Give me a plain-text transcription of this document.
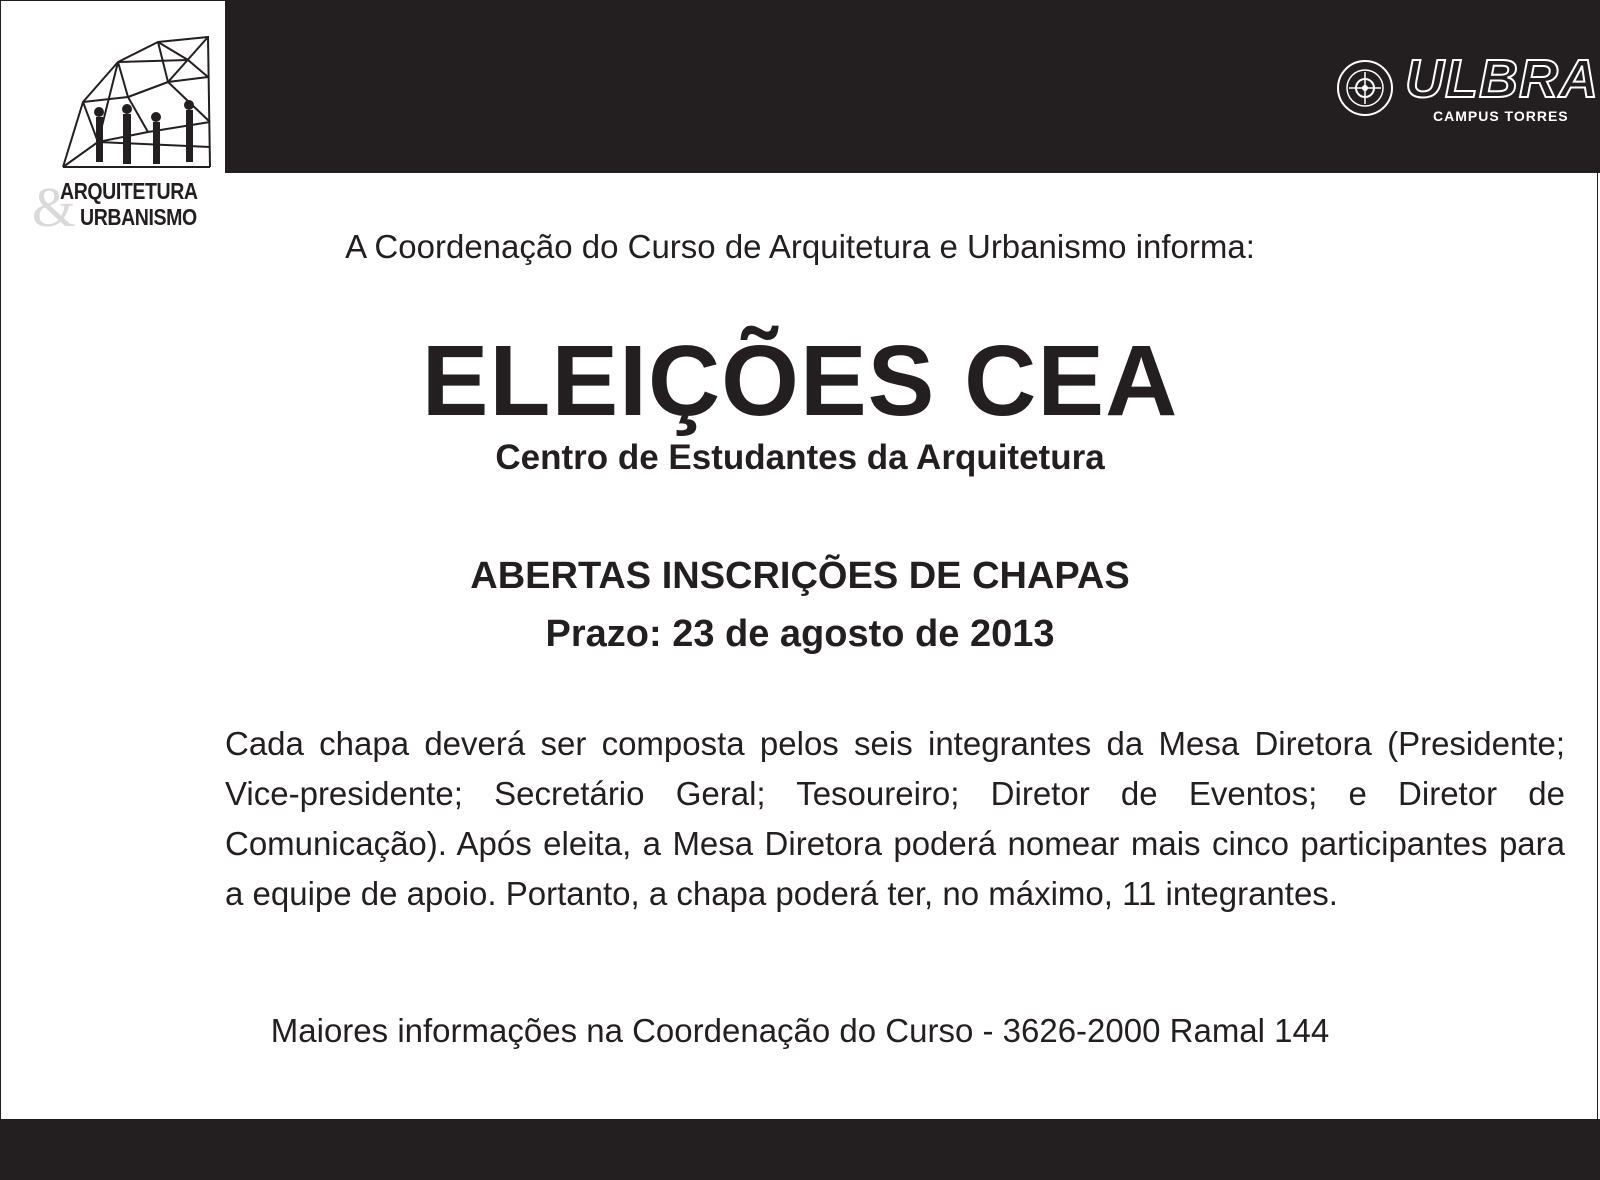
&
ARQUITETURA
URBANISMO
ULBRA
CAMPUS TORRES
A Coordenação do Curso de Arquitetura e Urbanismo informa:
ELEIÇÕES CEA
Centro de Estudantes da Arquitetura
ABERTAS INSCRIÇÕES DE CHAPAS
Prazo: 23 de agosto de 2013
Cada chapa deverá ser composta pelos seis integrantes da Mesa Diretora (Presidente; Vice-presidente; Secretário Geral; Tesoureiro; Diretor de Eventos; e Diretor de Comunicação). Após eleita, a Mesa Diretora poderá nomear mais cinco participantes para a equipe de apoio. Portanto, a chapa poderá ter, no máximo, 11 integrantes.
Maiores informações na Coordenação do Curso - 3626-2000 Ramal 144
